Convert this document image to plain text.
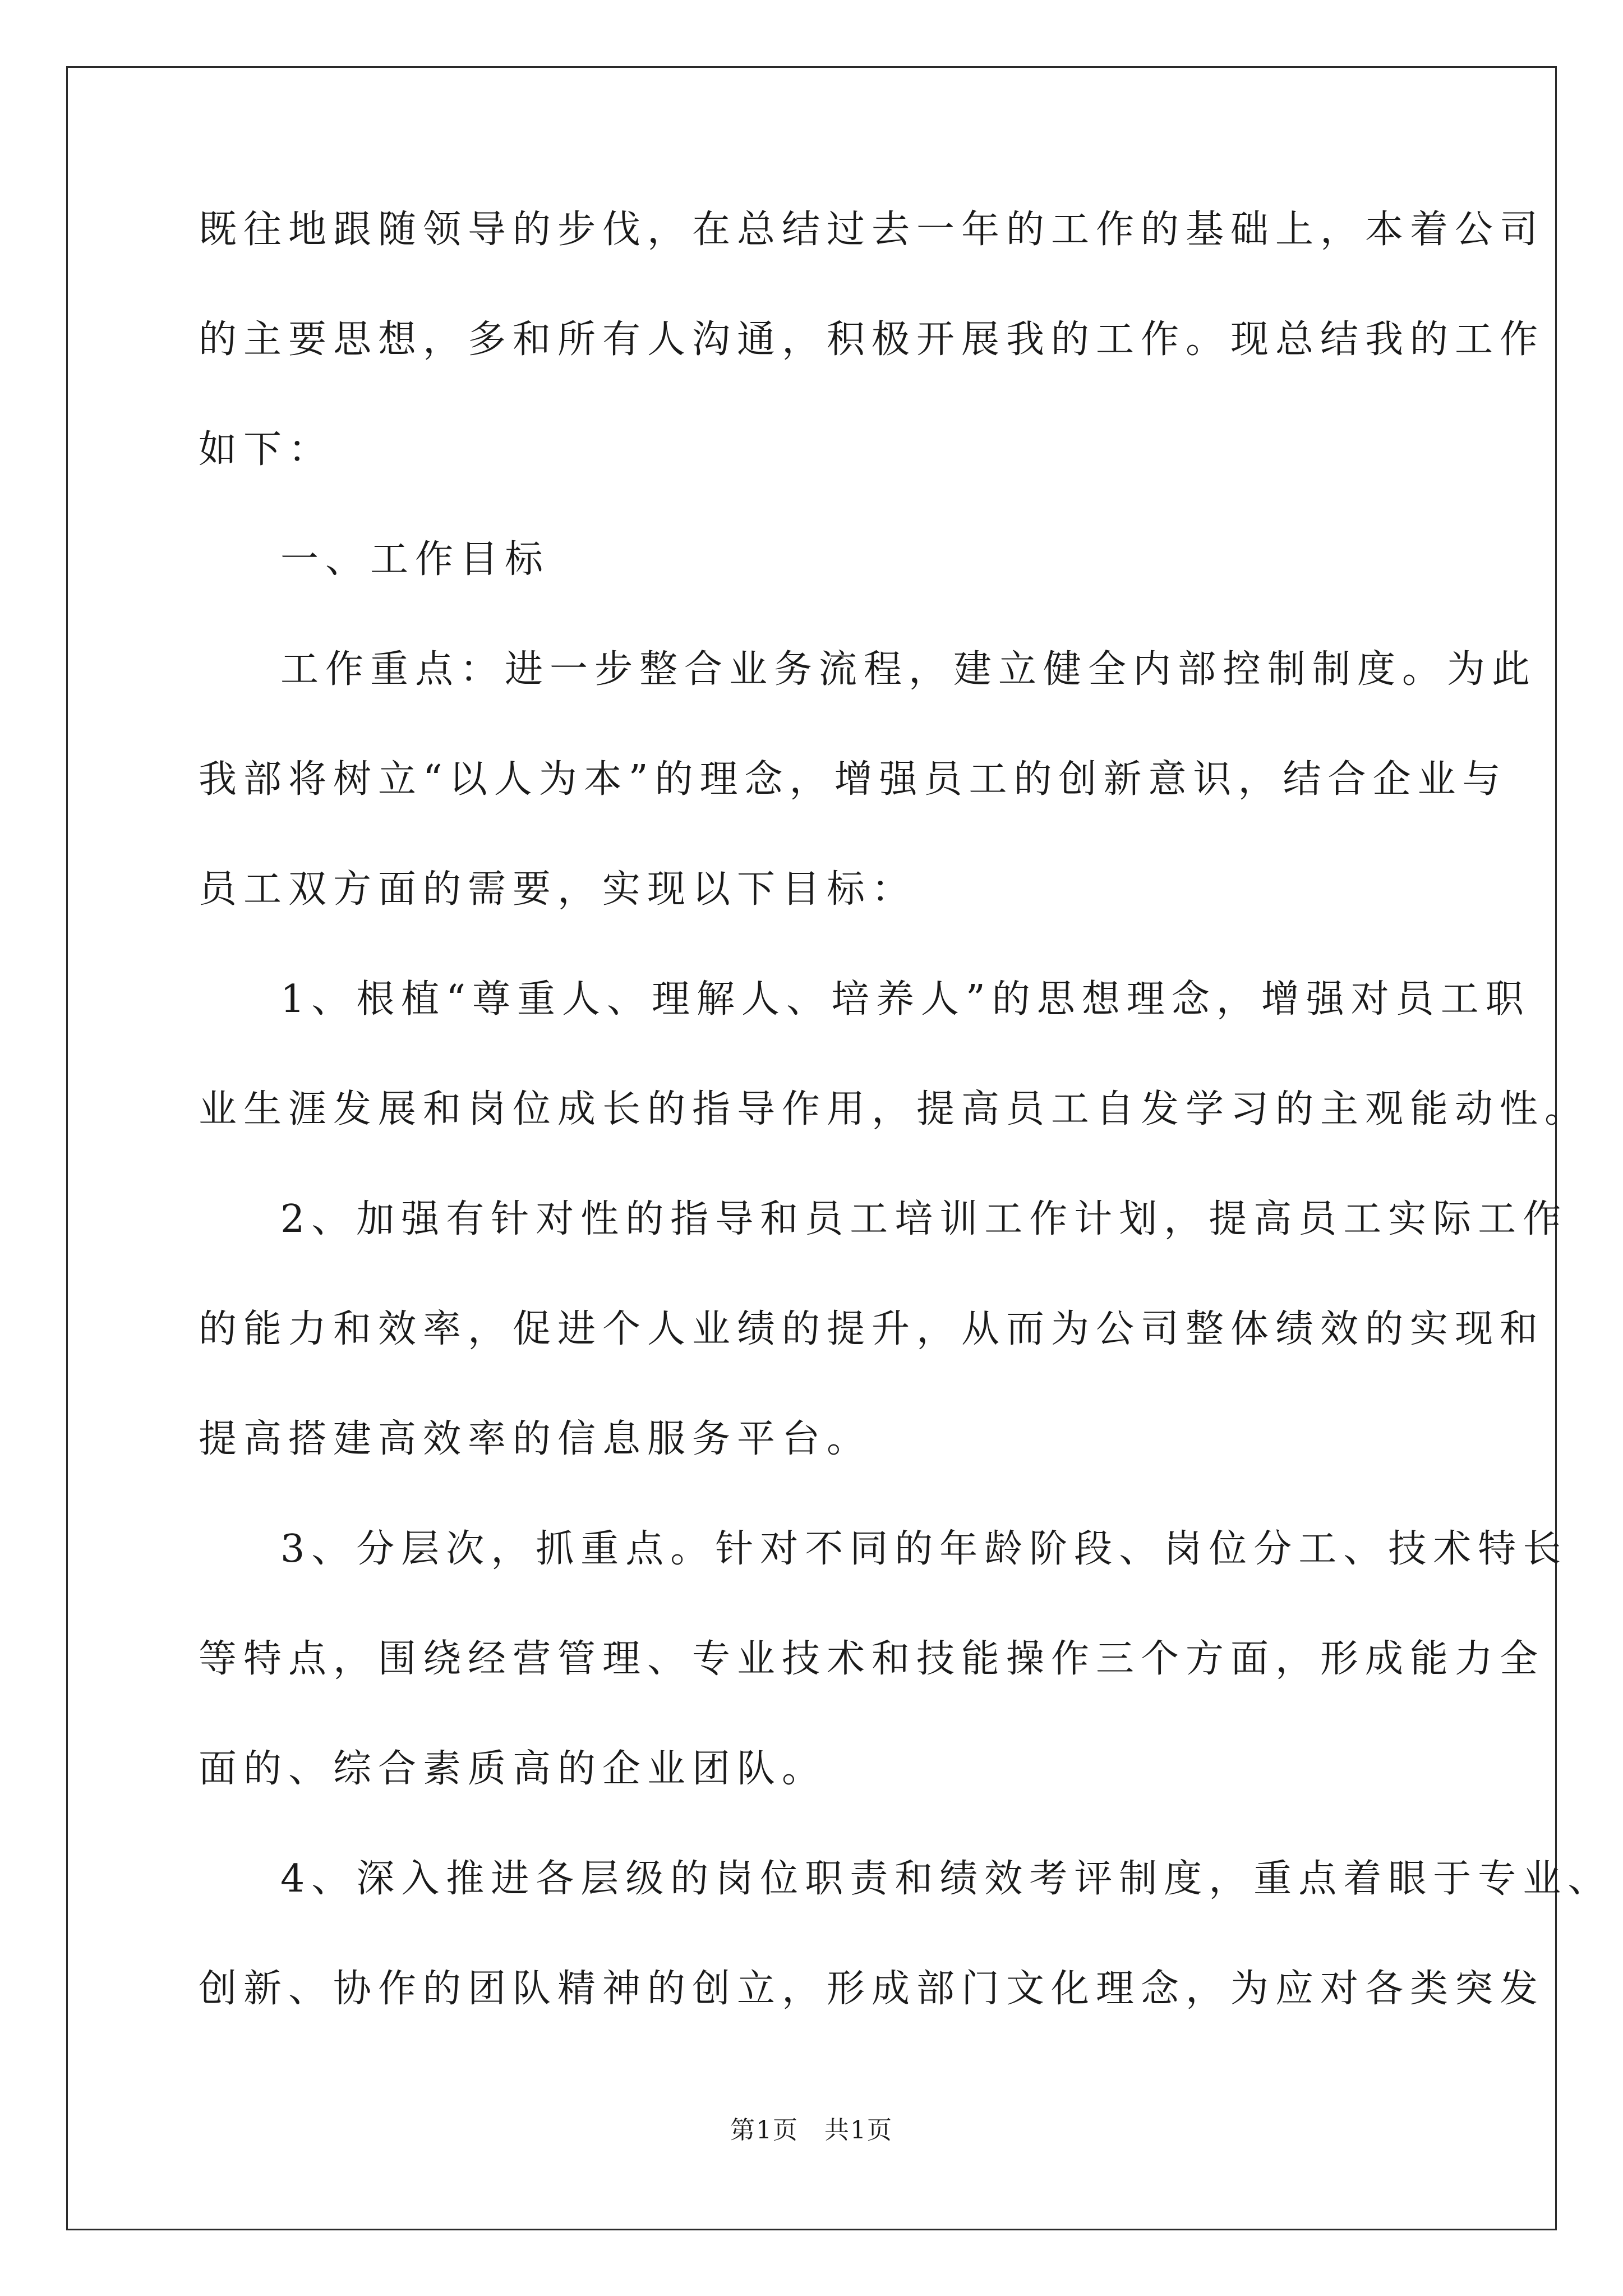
既往地跟随领导的步伐，在总结过去一年的工作的基础上，本着公司
的主要思想，多和所有人沟通，积极开展我的工作。现总结我的工作
如下：
一、工作目标
工作重点：进一步整合业务流程，建立健全内部控制制度。为此
我部将树立“以人为本”的理念，增强员工的创新意识，结合企业与
员工双方面的需要，实现以下目标：
1、根植“尊重人、理解人、培养人”的思想理念，增强对员工职
业生涯发展和岗位成长的指导作用，提高员工自发学习的主观能动性。
2、加强有针对性的指导和员工培训工作计划，提高员工实际工作
的能力和效率，促进个人业绩的提升，从而为公司整体绩效的实现和
提高搭建高效率的信息服务平台。
3、分层次，抓重点。针对不同的年龄阶段、岗位分工、技术特长
等特点，围绕经营管理、专业技术和技能操作三个方面，形成能力全
面的、综合素质高的企业团队。
4、深入推进各层级的岗位职责和绩效考评制度，重点着眼于专业、
创新、协作的团队精神的创立，形成部门文化理念，为应对各类突发
第1页　共1页
